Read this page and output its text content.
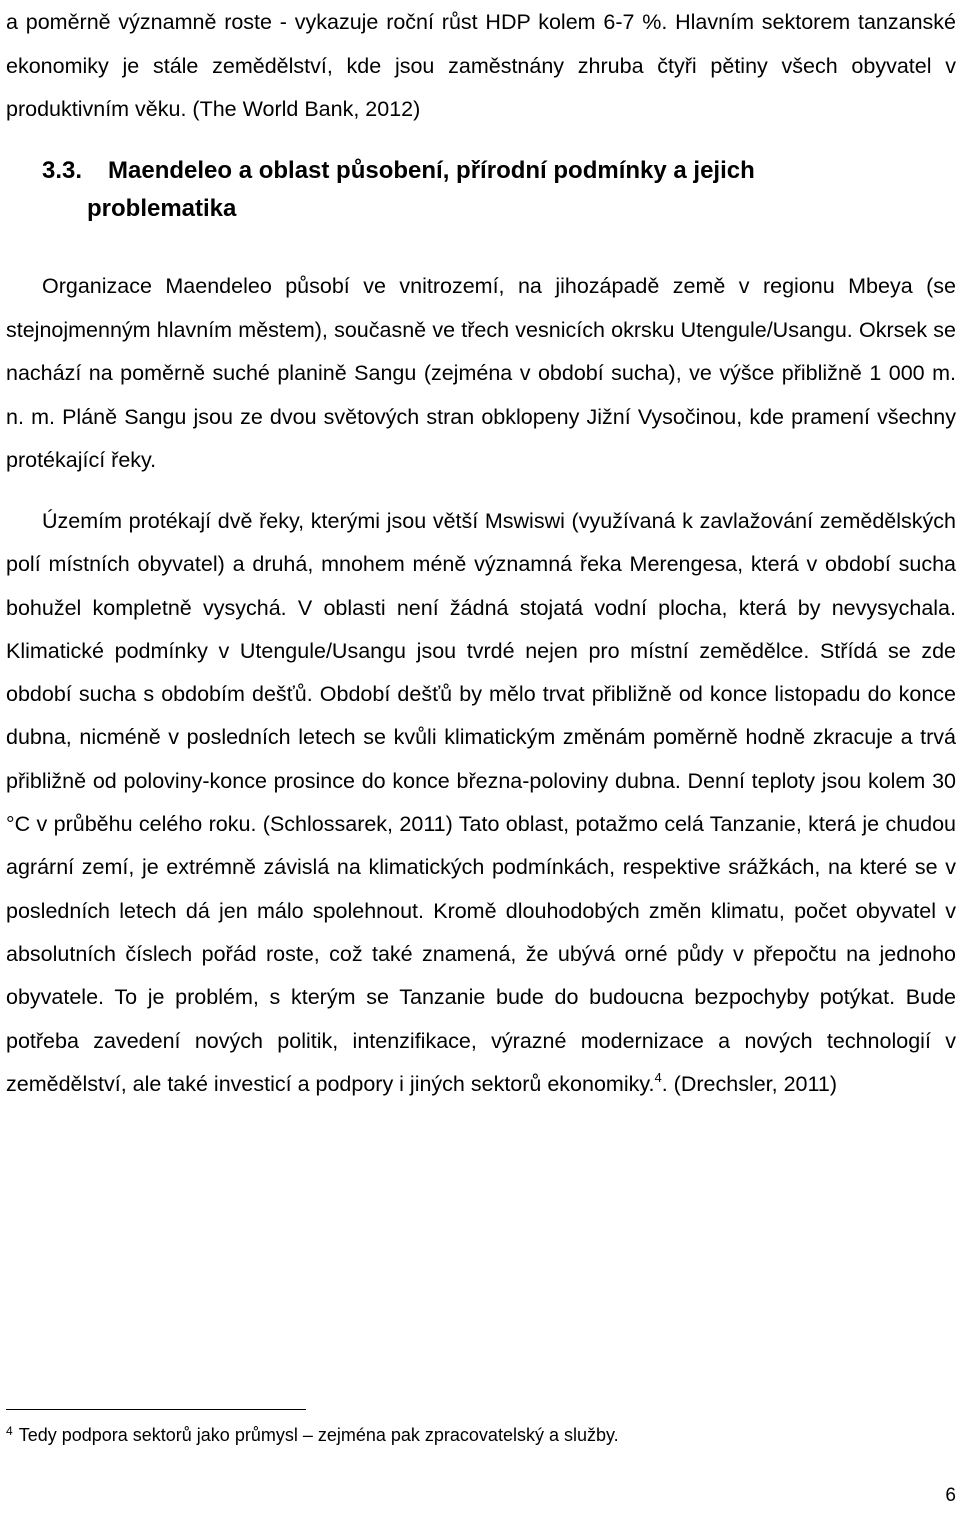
a poměrně významně roste - vykazuje roční růst HDP kolem 6-7 %. Hlavním sektorem tanzanské ekonomiky je stále zemědělství, kde jsou zaměstnány zhruba čtyři pětiny všech obyvatel v produktivním věku. (The World Bank, 2012)

3.3. Maendeleo a oblast působení, přírodní podmínky a jejich problematika

Organizace Maendeleo působí ve vnitrozemí, na jihozápadě země v regionu Mbeya (se stejnojmenným hlavním městem), současně ve třech vesnicích okrsku Utengule/Usangu. Okrsek se nachází na poměrně suché planině Sangu (zejména v období sucha), ve výšce přibližně 1 000 m. n. m. Pláně Sangu jsou ze dvou světových stran obklopeny Jižní Vysočinou, kde pramení všechny protékající řeky.

Územím protékají dvě řeky, kterými jsou větší Mswiswi (využívaná k zavlažování zemědělských polí místních obyvatel) a druhá, mnohem méně významná řeka Merengesa, která v období sucha bohužel kompletně vysychá. V oblasti není žádná stojatá vodní plocha, která by nevysychala. Klimatické podmínky v Utengule/Usangu jsou tvrdé nejen pro místní zemědělce. Střídá se zde období sucha s obdobím dešťů. Období dešťů by mělo trvat přibližně od konce listopadu do konce dubna, nicméně v posledních letech se kvůli klimatickým změnám poměrně hodně zkracuje a trvá přibližně od poloviny-konce prosince do konce března-poloviny dubna. Denní teploty jsou kolem 30 °C v průběhu celého roku. (Schlossarek, 2011) Tato oblast, potažmo celá Tanzanie, která je chudou agrární zemí, je extrémně závislá na klimatických podmínkách, respektive srážkách, na které se v posledních letech dá jen málo spolehnout. Kromě dlouhodobých změn klimatu, počet obyvatel v absolutních číslech pořád roste, což také znamená, že ubývá orné půdy v přepočtu na jednoho obyvatele. To je problém, s kterým se Tanzanie bude do budoucna bezpochyby potýkat. Bude potřeba zavedení nových politik, intenzifikace, výrazné modernizace a nových technologií v zemědělství, ale také investicí a podpory i jiných sektorů ekonomiky.$^4$. (Drechsler, 2011)

$^4$ Tedy podpora sektorů jako průmysl – zejména pak zpracovatelský a služby.

6
